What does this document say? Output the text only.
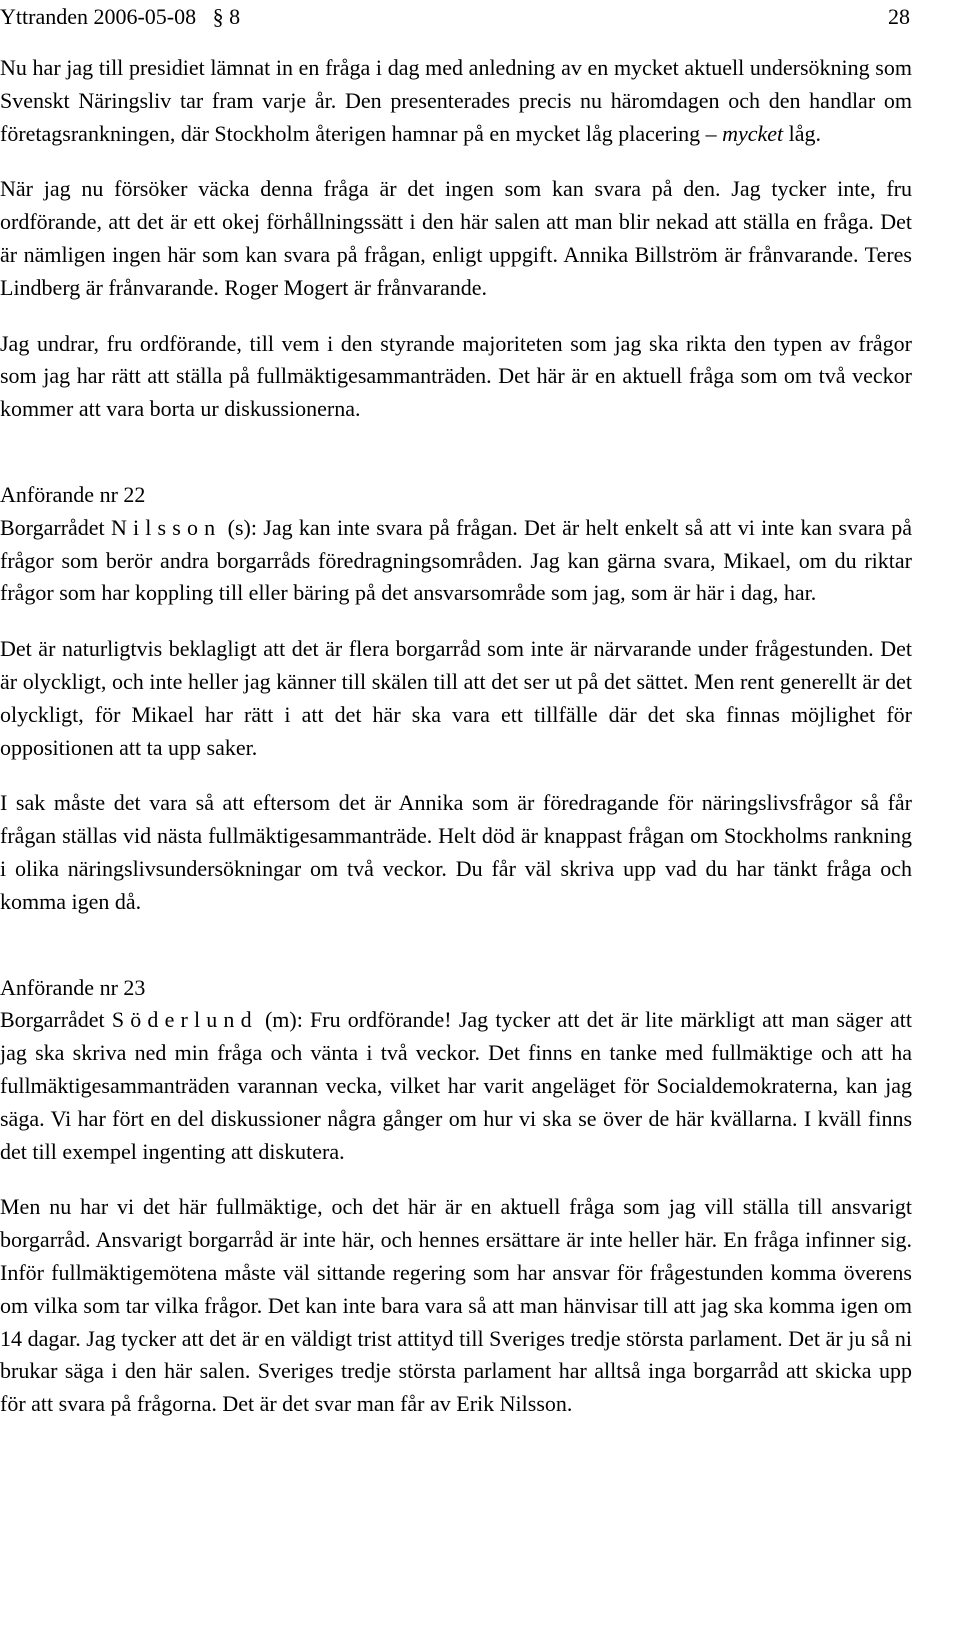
Yttranden 2006-05-08   § 8	28

Nu har jag till presidiet lämnat in en fråga i dag med anledning av en mycket aktuell undersökning som Svenskt Näringsliv tar fram varje år. Den presenterades precis nu häromdagen och den handlar om företagsrankningen, där Stockholm återigen hamnar på en mycket låg placering – mycket låg.

När jag nu försöker väcka denna fråga är det ingen som kan svara på den. Jag tycker inte, fru ordförande, att det är ett okej förhållningssätt i den här salen att man blir nekad att ställa en fråga. Det är nämligen ingen här som kan svara på frågan, enligt uppgift. Annika Billström är frånvarande. Teres Lindberg är frånvarande. Roger Mogert är frånvarande.

Jag undrar, fru ordförande, till vem i den styrande majoriteten som jag ska rikta den typen av frågor som jag har rätt att ställa på fullmäktigesammanträden. Det här är en aktuell fråga som om två veckor kommer att vara borta ur diskussionerna.

Anförande nr 22

Borgarrådet Nilsson (s): Jag kan inte svara på frågan. Det är helt enkelt så att vi inte kan svara på frågor som berör andra borgarråds föredragningsområden. Jag kan gärna svara, Mikael, om du riktar frågor som har koppling till eller bäring på det ansvarsområde som jag, som är här i dag, har.

Det är naturligtvis beklagligt att det är flera borgarråd som inte är närvarande under frågestunden. Det är olyckligt, och inte heller jag känner till skälen till att det ser ut på det sättet. Men rent generellt är det olyckligt, för Mikael har rätt i att det här ska vara ett tillfälle där det ska finnas möjlighet för oppositionen att ta upp saker.

I sak måste det vara så att eftersom det är Annika som är föredragande för näringslivsfrågor så får frågan ställas vid nästa fullmäktigesammanträde. Helt död är knappast frågan om Stockholms rankning i olika näringslivsundersökningar om två veckor. Du får väl skriva upp vad du har tänkt fråga och komma igen då.

Anförande nr 23

Borgarrådet Söderlund (m): Fru ordförande! Jag tycker att det är lite märkligt att man säger att jag ska skriva ned min fråga och vänta i två veckor. Det finns en tanke med fullmäktige och att ha fullmäktigesammanträden varannan vecka, vilket har varit angeläget för Socialdemokraterna, kan jag säga. Vi har fört en del diskussioner några gånger om hur vi ska se över de här kvällarna. I kväll finns det till exempel ingenting att diskutera.

Men nu har vi det här fullmäktige, och det här är en aktuell fråga som jag vill ställa till ansvarigt borgarråd. Ansvarigt borgarråd är inte här, och hennes ersättare är inte heller här. En fråga infinner sig. Inför fullmäktigemötena måste väl sittande regering som har ansvar för frågestunden komma överens om vilka som tar vilka frågor. Det kan inte bara vara så att man hänvisar till att jag ska komma igen om 14 dagar. Jag tycker att det är en väldigt trist attityd till Sveriges tredje största parlament. Det är ju så ni brukar säga i den här salen. Sveriges tredje största parlament har alltså inga borgarråd att skicka upp för att svara på frågorna. Det är det svar man får av Erik Nilsson.
